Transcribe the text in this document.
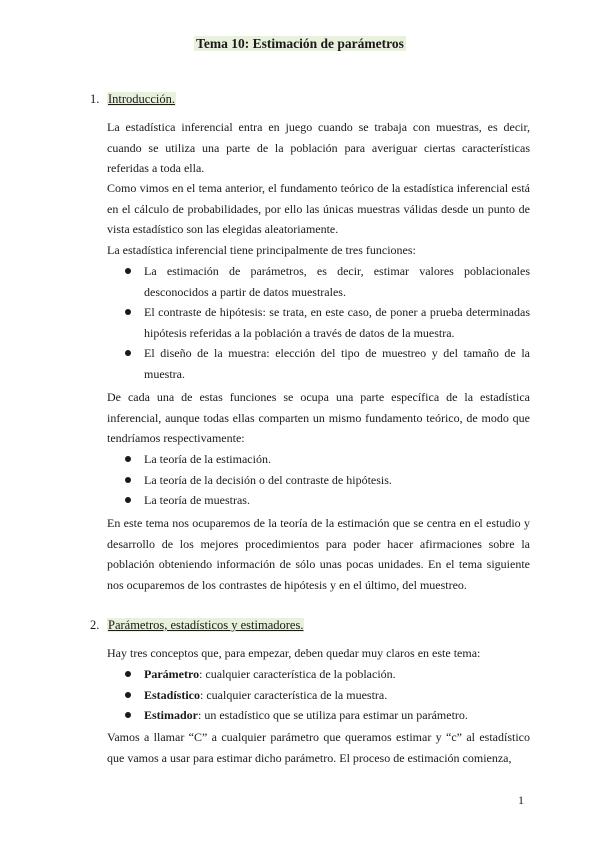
Tema 10: Estimación de parámetros
1. Introducción.
La estadística inferencial entra en juego cuando se trabaja con muestras, es decir, cuando se utiliza una parte de la población para averiguar ciertas características referidas a toda ella.
Como vimos en el tema anterior, el fundamento teórico de la estadística inferencial está en el cálculo de probabilidades, por ello las únicas muestras válidas desde un punto de vista estadístico son las elegidas aleatoriamente.
La estadística inferencial tiene principalmente de tres funciones:
La estimación de parámetros, es decir, estimar valores poblacionales desconocidos a partir de datos muestrales.
El contraste de hipótesis: se trata, en este caso, de poner a prueba determinadas hipótesis referidas a la población a través de datos de la muestra.
El diseño de la muestra: elección del tipo de muestreo y del tamaño de la muestra.
De cada una de estas funciones se ocupa una parte específica de la estadística inferencial, aunque todas ellas comparten un mismo fundamento teórico, de modo que tendríamos respectivamente:
La teoría de la estimación.
La teoría de la decisión o del contraste de hipótesis.
La teoría de muestras.
En este tema nos ocuparemos de la teoría de la estimación que se centra en el estudio y desarrollo de los mejores procedimientos para poder hacer afirmaciones sobre la población obteniendo información de sólo unas pocas unidades. En el tema siguiente nos ocuparemos de los contrastes de hipótesis y en el último, del muestreo.
2. Parámetros, estadísticos y estimadores.
Hay tres conceptos que, para empezar, deben quedar muy claros en este tema:
Parámetro: cualquier característica de la población.
Estadístico: cualquier característica de la muestra.
Estimador: un estadístico que se utiliza para estimar un parámetro.
Vamos a llamar “C” a cualquier parámetro que queramos estimar y “c” al estadístico que vamos a usar para estimar dicho parámetro. El proceso de estimación comienza,
1
